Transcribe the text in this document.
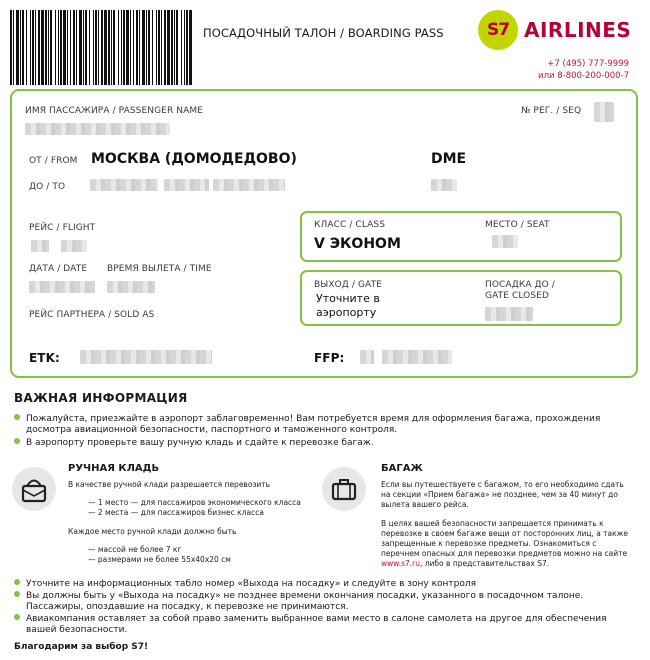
ПОСАДОЧНЫЙ ТАЛОН / BOARDING PASS	S7 AIRLINES
+7 (495) 777-9999
или 8-800-200-000-7
ИМЯ ПАССАЖИРА / PASSENGER NAME	№ РЕГ. / SEQ
ОТ / FROM МОСКВА (ДОМОДЕДОВО)	DME
ДО / TO
РЕЙС / FLIGHT
ДАТА / DATE ВРЕМЯ ВЫЛЕТА / TIME
РЕЙС ПАРТНЕРА / SOLD AS
ETK:	FFP:
КЛАСС / CLASS
V ЭКОНОМ
МЕСТО / SEAT
ВЫХОД / GATE
Уточните в
аэропорту
ПОСАДКА ДО /
GATE CLOSED
ВАЖНАЯ ИНФОРМАЦИЯ
Пожалуйста, приезжайте в аэропорт заблаговременно! Вам потребуется время для оформления багажа, прохождения
досмотра авиационной безопасности, паспортного и таможенного контроля.
В аэропорту проверьте вашу ручную кладь и сдайте к перевозке багаж.
РУЧНАЯ КЛАДЬ
В качестве ручной клади разрешается перевозить
— 1 место — для пассажиров экономического класса
— 2 места — для пассажиров бизнес класса
Каждое место ручной клади должно быть
— массой не более 7 кг
— размерами не более 55х40х20 см
БАГАЖ
Если вы путешествуете с багажом, то его необходимо сдать
на секции «Прием багажа» не позднее, чем за 40 минут до
вылета вашего рейса.
В целях вашей безопасности запрещается принимать к
перевозке в своем багаже вещи от посторонних лиц, а также
запрещенные к перевозке предметы. Ознакомиться с
перечнем опасных для перевозки предметов можно на сайте
www.s7.ru, либо в представительствах S7.
Уточните на информационных табло номер «Выхода на посадку» и следуйте в зону контроля
Вы должны быть у «Выхода на посадку» не позднее времени окончания посадки, указанного в посадочном талоне.
Пассажиры, опоздавшие на посадку, к перевозке не принимаются.
Авиакомпания оставляет за собой право заменить выбранное вами место в салоне самолета на другое для обеспечения
вашей безопасности.
Благодарим за выбор S7!
